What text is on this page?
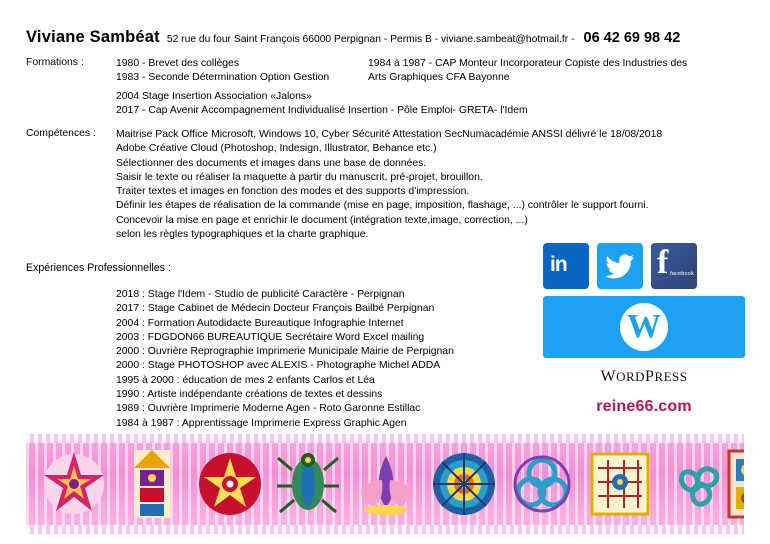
Viviane Sambéat 52 rue du four Saint François 66000 Perpignan - Permis B - viviane.sambeat@hotmail.fr - 06 42 69 98 42
Formations :	1980 - Brevet des collèges
1983 - Seconde Détermination Option Gestion
1984 à 1987 - CAP Monteur Incorporateur Copiste des Industries des
Arts Graphiques CFA Bayonne
2004 Stage Insertion Association «Jalons»
2017 - Cap Avenir Accompagnement Individualisé Insertion - Pôle Emploi- GRETA- l'Idem
Compétences : Maitrise Pack Office Microsoft, Windows 10, Cyber Sécurité Attestation SecNumacadémie ANSSI délivré le 18/08/2018
Adobe Créative Cloud (Photoshop, Indesign, Illustrator, Behance etc.)
Sélectionner des documents et images dans une base de données.
Saisir le texte ou réaliser la maquette à partir du manuscrit, pré-projet, brouillon.
Traiter textes et images en fonction des modes et des supports d'impression.
Définir les étapes de réalisation de la commande (mise en page, imposition, flashage, ...) contrôler le support fourni.
Concevoir la mise en page et enrichir le document (intégration texte,image, correction, ...)
selon les règles typographiques et la charte graphique.
Expériences Professionnelles :
2018 : Stage l'Idem - Studio de publicité Caractère - Perpignan
2017 : Stage Cabinet de Médecin Docteur François Bailbé Perpignan
2004 : Formation Autodidacte Bureautique Infographie Internet
2003 : FDGDON66 BUREAUTIQUE Secrétaire Word Excel mailing
2000 : Ouvrière Reprographie Imprimerie Municipale Mairie de Perpignan
2000 : Stage PHOTOSHOP avec ALEXIS - Photographe Michel ADDA
1995 à 2000 : éducation de mes 2 enfants Carlos et Léa
1990 : Artiste indépendante créations de textes et dessins
1989 : Ouvrière Imprimerie Moderne Agen - Roto Garonne Estillac
1984 à 1987 : Apprentissage Imprimerie Express Graphic Agen
in	f facebook
W
WORDPRESS
reine66.com
